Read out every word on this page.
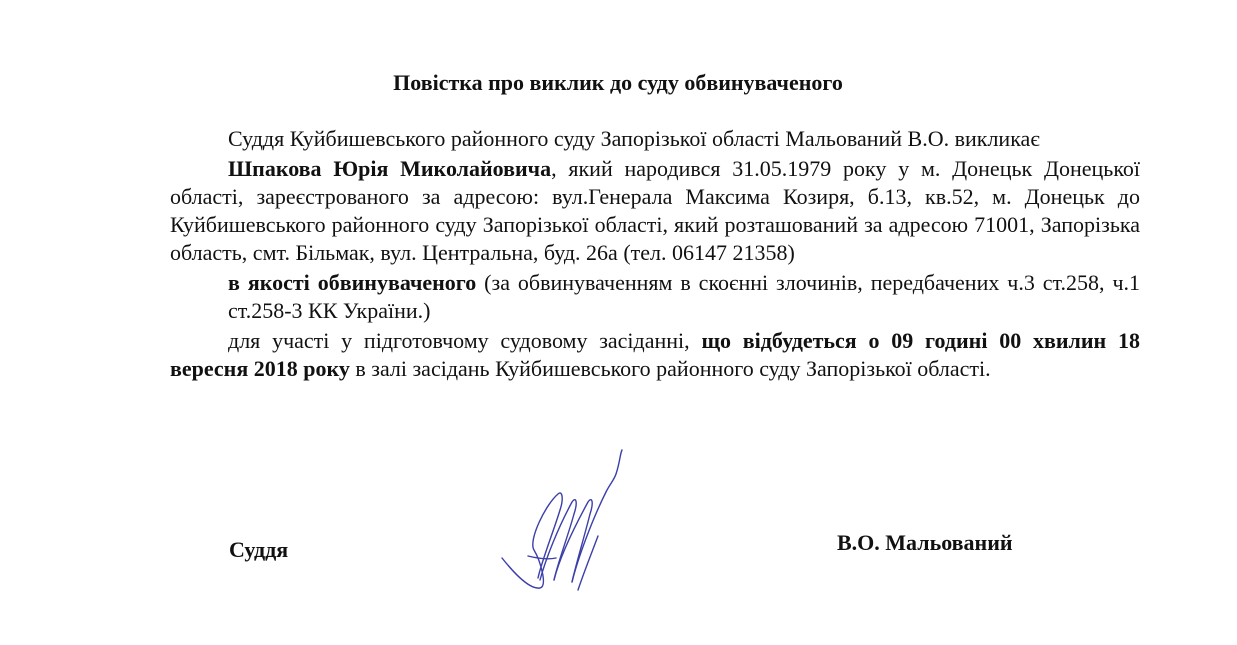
Повістка про виклик до суду обвинуваченого

Суддя Куйбишевського районного суду Запорізької області Мальований В.О. викликає

Шпакова Юрія Миколайовича, який народився 31.05.1979 року у м. Донецьк Донецької області, зареєстрованого за адресою: вул.Генерала Максима Козиря, б.13, кв.52, м. Донецьк до Куйбишевського районного суду Запорізької області, який розташований за адресою 71001, Запорізька область, смт. Більмак, вул. Центральна, буд. 26а (тел. 06147 21358)

в якості обвинуваченого (за обвинуваченням в скоєнні злочинів, передбачених ч.3 ст.258, ч.1 ст.258-3 КК України.)

для участі у підготовчому судовому засіданні, що відбудеться о 09 годині 00 хвилин 18 вересня 2018 року в залі засідань Куйбишевського районного суду Запорізької області.

Суддя	В.О. Мальований
